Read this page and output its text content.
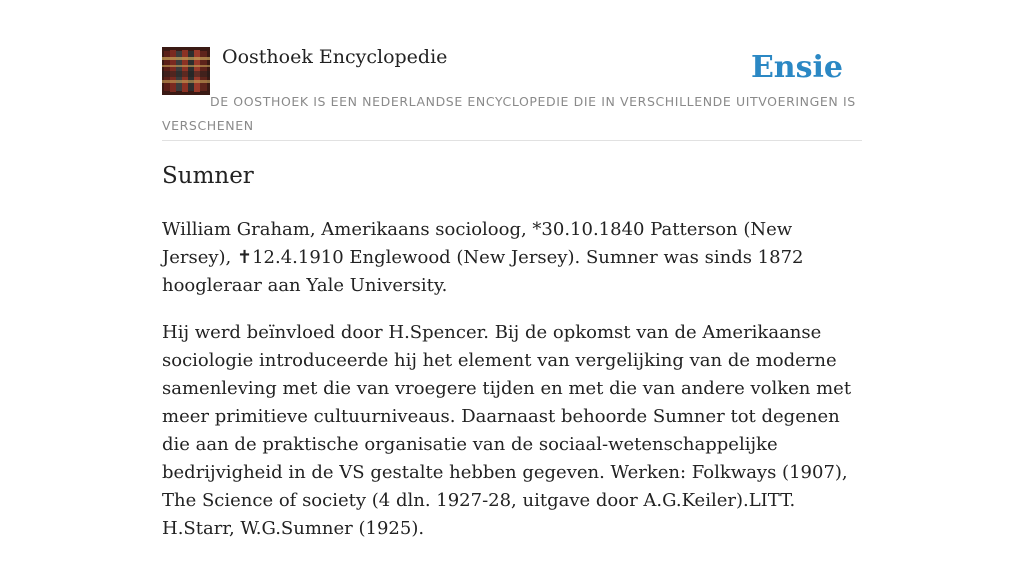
Oosthoek Encyclopedie	Ensie
DE OOSTHOEK IS EEN NEDERLANDSE ENCYCLOPEDIE DIE IN VERSCHILLENDE UITVOERINGEN IS VERSCHENEN
Sumner

William Graham, Amerikaans socioloog, *30.10.1840 Patterson (New Jersey), ✝12.4.1910 Englewood (New Jersey). Sumner was sinds 1872 hoogleraar aan Yale University.

Hij werd beïnvloed door H.Spencer. Bij de opkomst van de Amerikaanse sociologie introduceerde hij het element van vergelijking van de moderne samenleving met die van vroegere tijden en met die van andere volken met meer primitieve cultuurniveaus. Daarnaast behoorde Sumner tot degenen die aan de praktische organisatie van de sociaal-wetenschappelijke bedrijvigheid in de VS gestalte hebben gegeven. Werken: Folkways (1907), The Science of society (4 dln. 1927-28, uitgave door A.G.Keiler).LITT. H.Starr, W.G.Sumner (1925).
